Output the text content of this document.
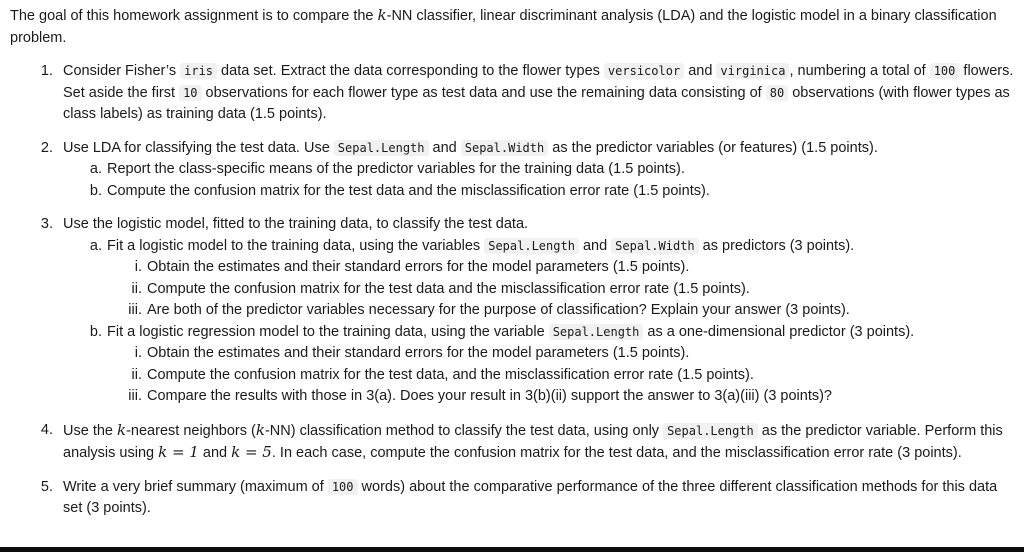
The goal of this homework assignment is to compare the k-NN classifier, linear discriminant analysis (LDA) and the logistic model in a binary classification problem.

1. Consider Fisher’s iris data set. Extract the data corresponding to the flower types versicolor and virginica , numbering a total of 100 flowers. Set aside the first 10 observations for each flower type as test data and use the remaining data consisting of 80 observations (with flower types as class labels) as training data (1.5 points).
2. Use LDA for classifying the test data. Use Sepal.Length and Sepal.Width as the predictor variables (or features) (1.5 points).
a. Report the class-specific means of the predictor variables for the training data (1.5 points).
b. Compute the confusion matrix for the test data and the misclassification error rate (1.5 points).
3. Use the logistic model, fitted to the training data, to classify the test data.
a. Fit a logistic model to the training data, using the variables Sepal.Length and Sepal.Width as predictors (3 points).
i. Obtain the estimates and their standard errors for the model parameters (1.5 points).
ii. Compute the confusion matrix for the test data and the misclassification error rate (1.5 points).
iii. Are both of the predictor variables necessary for the purpose of classification? Explain your answer (3 points).
b. Fit a logistic regression model to the training data, using the variable Sepal.Length as a one-dimensional predictor (3 points).
i. Obtain the estimates and their standard errors for the model parameters (1.5 points).
ii. Compute the confusion matrix for the test data, and the misclassification error rate (1.5 points).
iii. Compare the results with those in 3(a). Does your result in 3(b)(ii) support the answer to 3(a)(iii) (3 points)?
4. Use the k-nearest neighbors (k-NN) classification method to classify the test data, using only Sepal.Length as the predictor variable. Perform this analysis using k = 1 and k = 5. In each case, compute the confusion matrix for the test data, and the misclassification error rate (3 points).
5. Write a very brief summary (maximum of 100 words) about the comparative performance of the three different classification methods for this data set (3 points).
